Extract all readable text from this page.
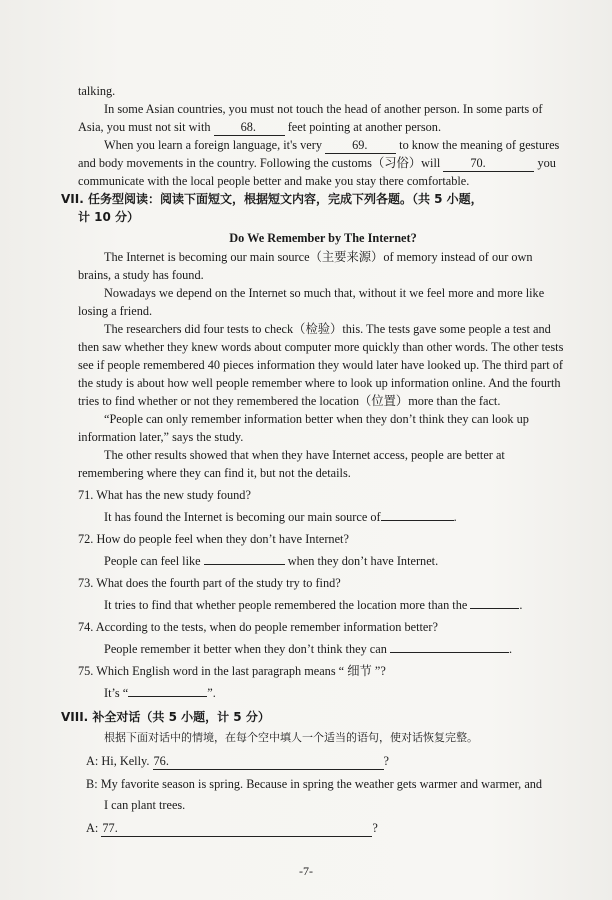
talking.

In some Asian countries, you must not touch the head of another person. In some parts of Asia, you must not sit with 68.	feet pointing at another person.

When you learn a foreign language, it's very 69.	to know the meaning of gestures and body movements in the country. Following the customs（习俗）will 70.	you communicate with the local people better and make you stay there comfortable.

VII. 任务型阅读：阅读下面短文，根据短文内容，完成下列各题。（共 5 小题，

计 10 分）

Do We Remember by The Internet?

The Internet is becoming our main source（主要来源）of memory instead of our own brains, a study has found.

Nowadays we depend on the Internet so much that, without it we feel more and more like losing a friend.

The researchers did four tests to check（检验）this. The tests gave some people a test and then saw whether they knew words about computer more quickly than other words. The other tests see if people remembered 40 pieces information they would later have looked up. The third part of the study is about how well people remember where to look up information online. And the fourth tries to find whether or not they remembered the location（位置）more than the fact.

“People can only remember information better when they don’t think they can look up information later,” says the study.

The other results showed that when they have Internet access, people are better at remembering where they can find it, but not the details.

71. What has the new study found?

It has found the Internet is becoming our main source of	.

72. How do people feel when they don’t have Internet?

People can feel like	when they don’t have Internet.

73. What does the fourth part of the study try to find?

It tries to find that whether people remembered the location more than the	.

74. According to the tests, when do people remember information better?

People remember it better when they don’t think they can	.

75. Which English word in the last paragraph means “ 细节 ”?

It’s “	”.

VIII. 补全对话（共 5 小题，计 5 分）

根据下面对话中的情境，在每个空中填人一个适当的语句，使对话恢复完整。

A: Hi, Kelly. 76.	?

B: My favorite season is spring. Because in spring the weather gets warmer and warmer, and

I can plant trees.

A: 77.	?

-7-
